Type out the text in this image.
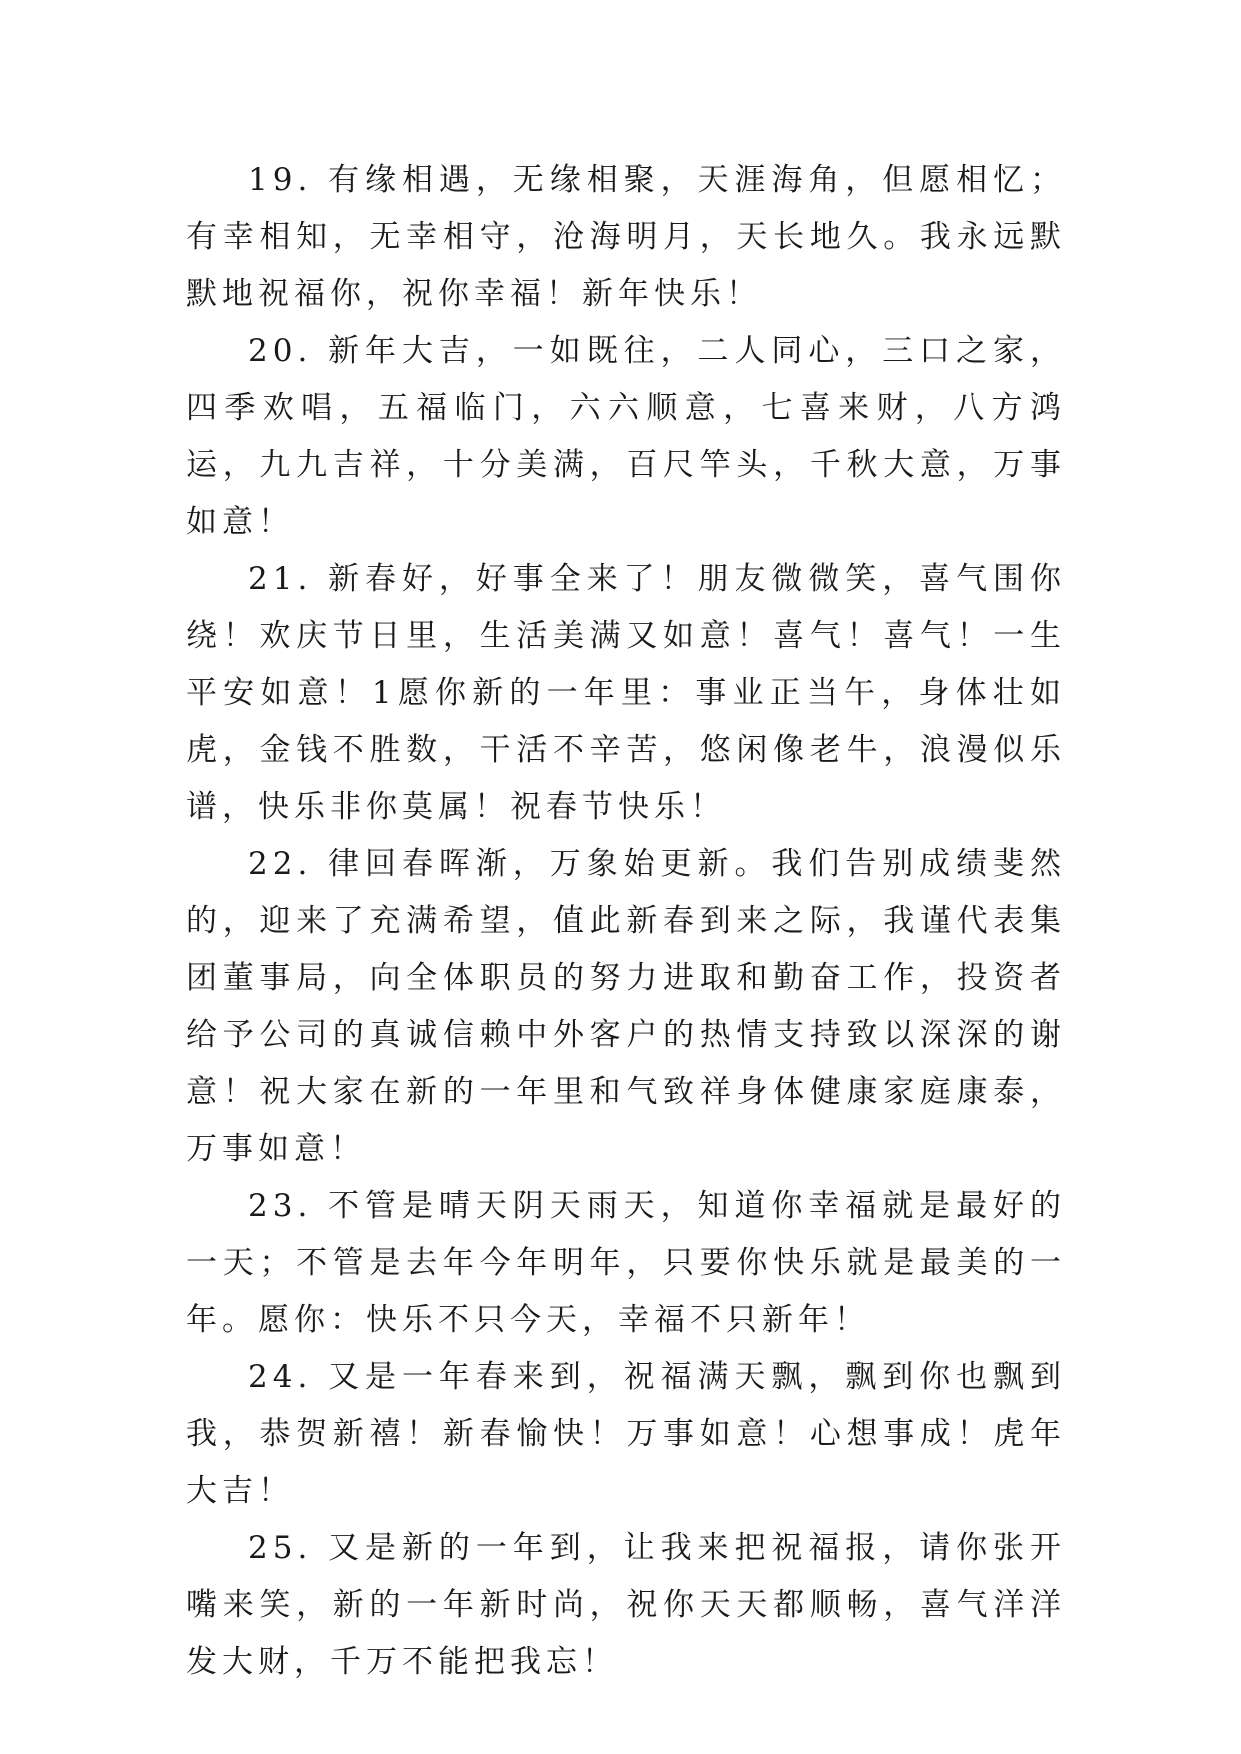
19. 有缘相遇，无缘相聚，天涯海角，但愿相忆；有幸相知，无幸相守，沧海明月，天长地久。我永远默默地祝福你，祝你幸福！新年快乐！

20. 新年大吉，一如既往，二人同心，三口之家，四季欢唱，五福临门，六六顺意，七喜来财，八方鸿运，九九吉祥，十分美满，百尺竿头，千秋大意，万事如意！

21. 新春好，好事全来了！朋友微微笑，喜气围你绕！欢庆节日里，生活美满又如意！喜气！喜气！一生平安如意！1愿你新的一年里：事业正当午，身体壮如虎，金钱不胜数，干活不辛苦，悠闲像老牛，浪漫似乐谱，快乐非你莫属！祝春节快乐！

22. 律回春晖渐，万象始更新。我们告别成绩斐然的，迎来了充满希望，值此新春到来之际，我谨代表集团董事局，向全体职员的努力进取和勤奋工作，投资者给予公司的真诚信赖中外客户的热情支持致以深深的谢意！祝大家在新的一年里和气致祥身体健康家庭康泰，万事如意！

23. 不管是晴天阴天雨天，知道你幸福就是最好的一天；不管是去年今年明年，只要你快乐就是最美的一年。愿你：快乐不只今天，幸福不只新年！

24. 又是一年春来到，祝福满天飘，飘到你也飘到我，恭贺新禧！新春愉快！万事如意！心想事成！虎年大吉！

25. 又是新的一年到，让我来把祝福报，请你张开嘴来笑，新的一年新时尚，祝你天天都顺畅，喜气洋洋发大财，千万不能把我忘！
